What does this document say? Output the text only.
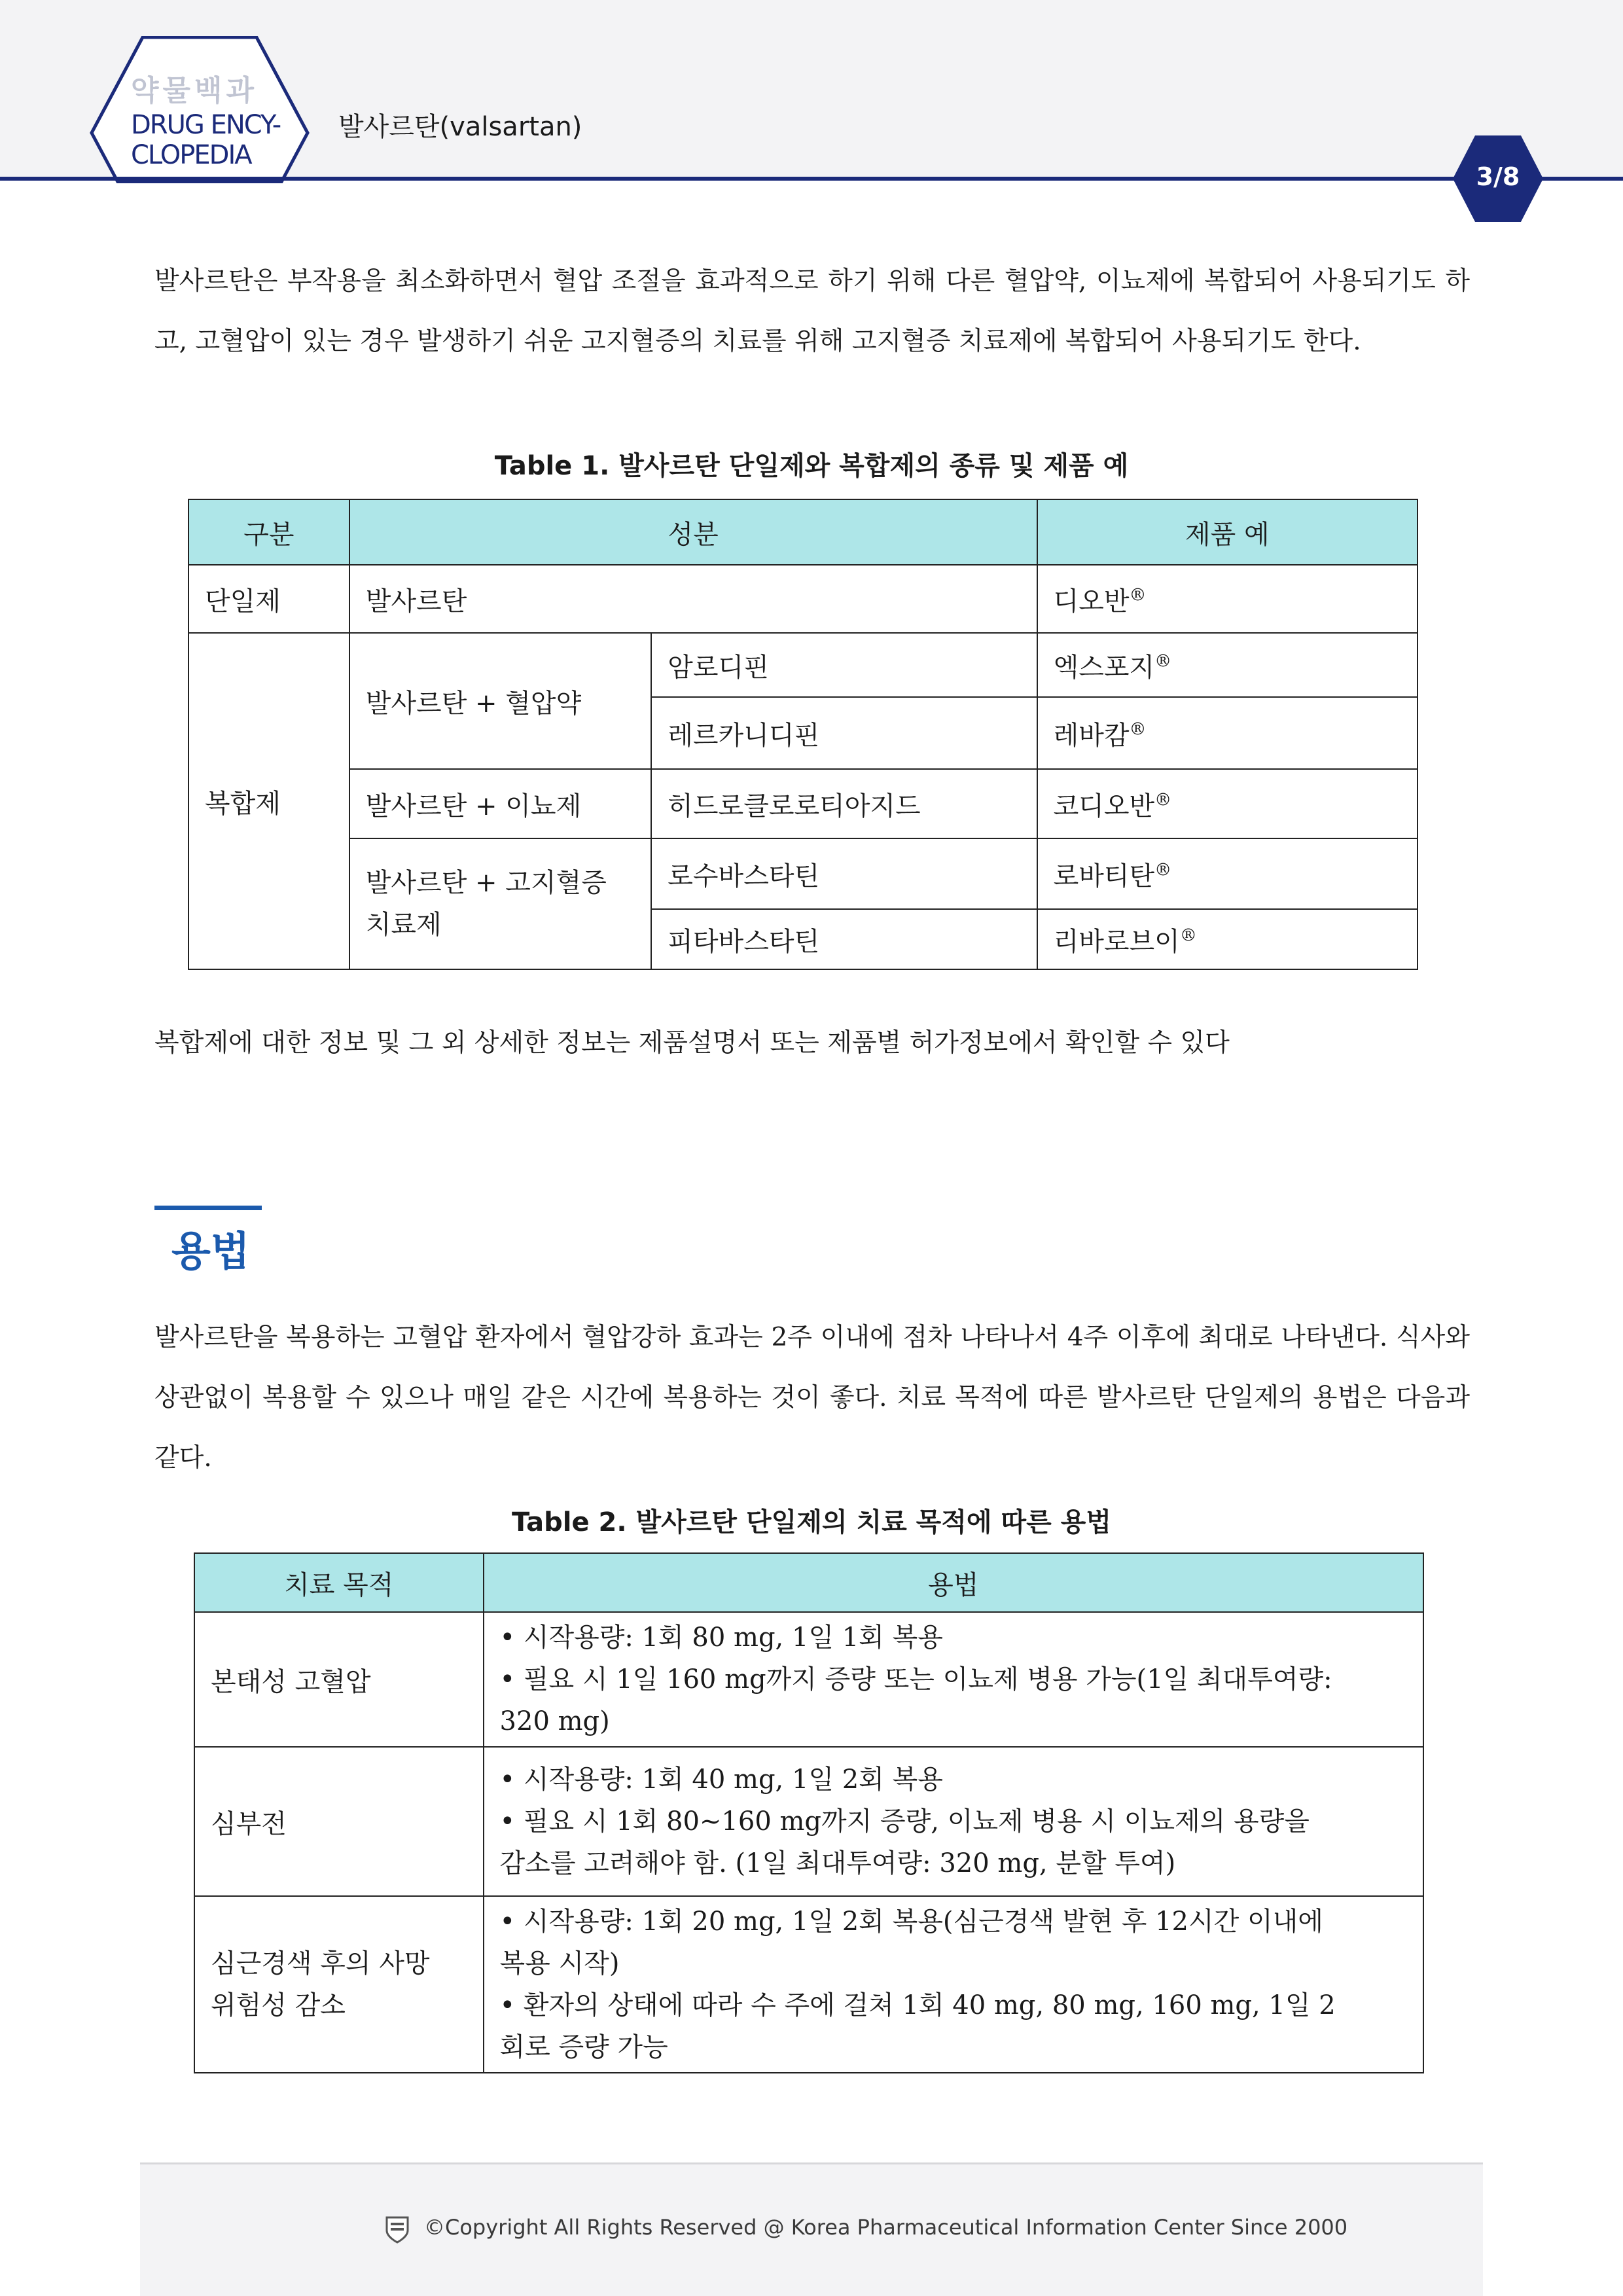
약물백과
DRUG ENCY-
CLOPEDIA
발사르탄(valsartan)
3/8
발사르탄은 부작용을 최소화하면서 혈압 조절을 효과적으로 하기 위해 다른 혈압약, 이뇨제에 복합되어 사용되기도 하고, 고혈압이 있는 경우 발생하기 쉬운 고지혈증의 치료를 위해 고지혈증 치료제에 복합되어 사용되기도 한다.
Table 1. 발사르탄 단일제와 복합제의 종류 및 제품 예
구분	성분		제품 예
단일제	발사르탄		디오반®
복합제	발사르탄 + 혈압약	암로디핀	엑스포지®
		레르카니디핀	레바캄®
	발사르탄 + 이뇨제	히드로클로로티아지드	코디오반®

	발사르탄 + 고지혈증
치료제	로수바스타틴	로바티탄®
		피타바스타틴	리바로브이®
복합제에 대한 정보 및 그 외 상세한 정보는 제품설명서 또는 제품별 허가정보에서 확인할 수 있다
용법
발사르탄을 복용하는 고혈압 환자에서 혈압강하 효과는 2주 이내에 점차 나타나서 4주 이후에 최대로 나타낸다. 식사와 상관없이 복용할 수 있으나 매일 같은 시간에 복용하는 것이 좋다. 치료 목적에 따른 발사르탄 단일제의 용법은 다음과 같다.
Table 2. 발사르탄 단일제의 치료 목적에 따른 용법
치료 목적	용법
본태성 고혈압	• 시작용량: 1회 80 mg, 1일 1회 복용
• 필요 시 1일 160 mg까지 증량 또는 이뇨제 병용 가능(1일 최대투여량:
320 mg)

심부전	• 시작용량: 1회 40 mg, 1일 2회 복용
• 필요 시 1회 80~160 mg까지 증량, 이뇨제 병용 시 이뇨제의 용량을
감소를 고려해야 함. (1일 최대투여량: 320 mg, 분할 투여)

심근경색 후의 사망
위험성 감소	• 시작용량: 1회 20 mg, 1일 2회 복용(심근경색 발현 후 12시간 이내에
복용 시작)
• 환자의 상태에 따라 수 주에 걸쳐 1회 40 mg, 80 mg, 160 mg, 1일 2
회로 증량 가능
©Copyright All Rights Reserved @ Korea Pharmaceutical Information Center Since 2000
